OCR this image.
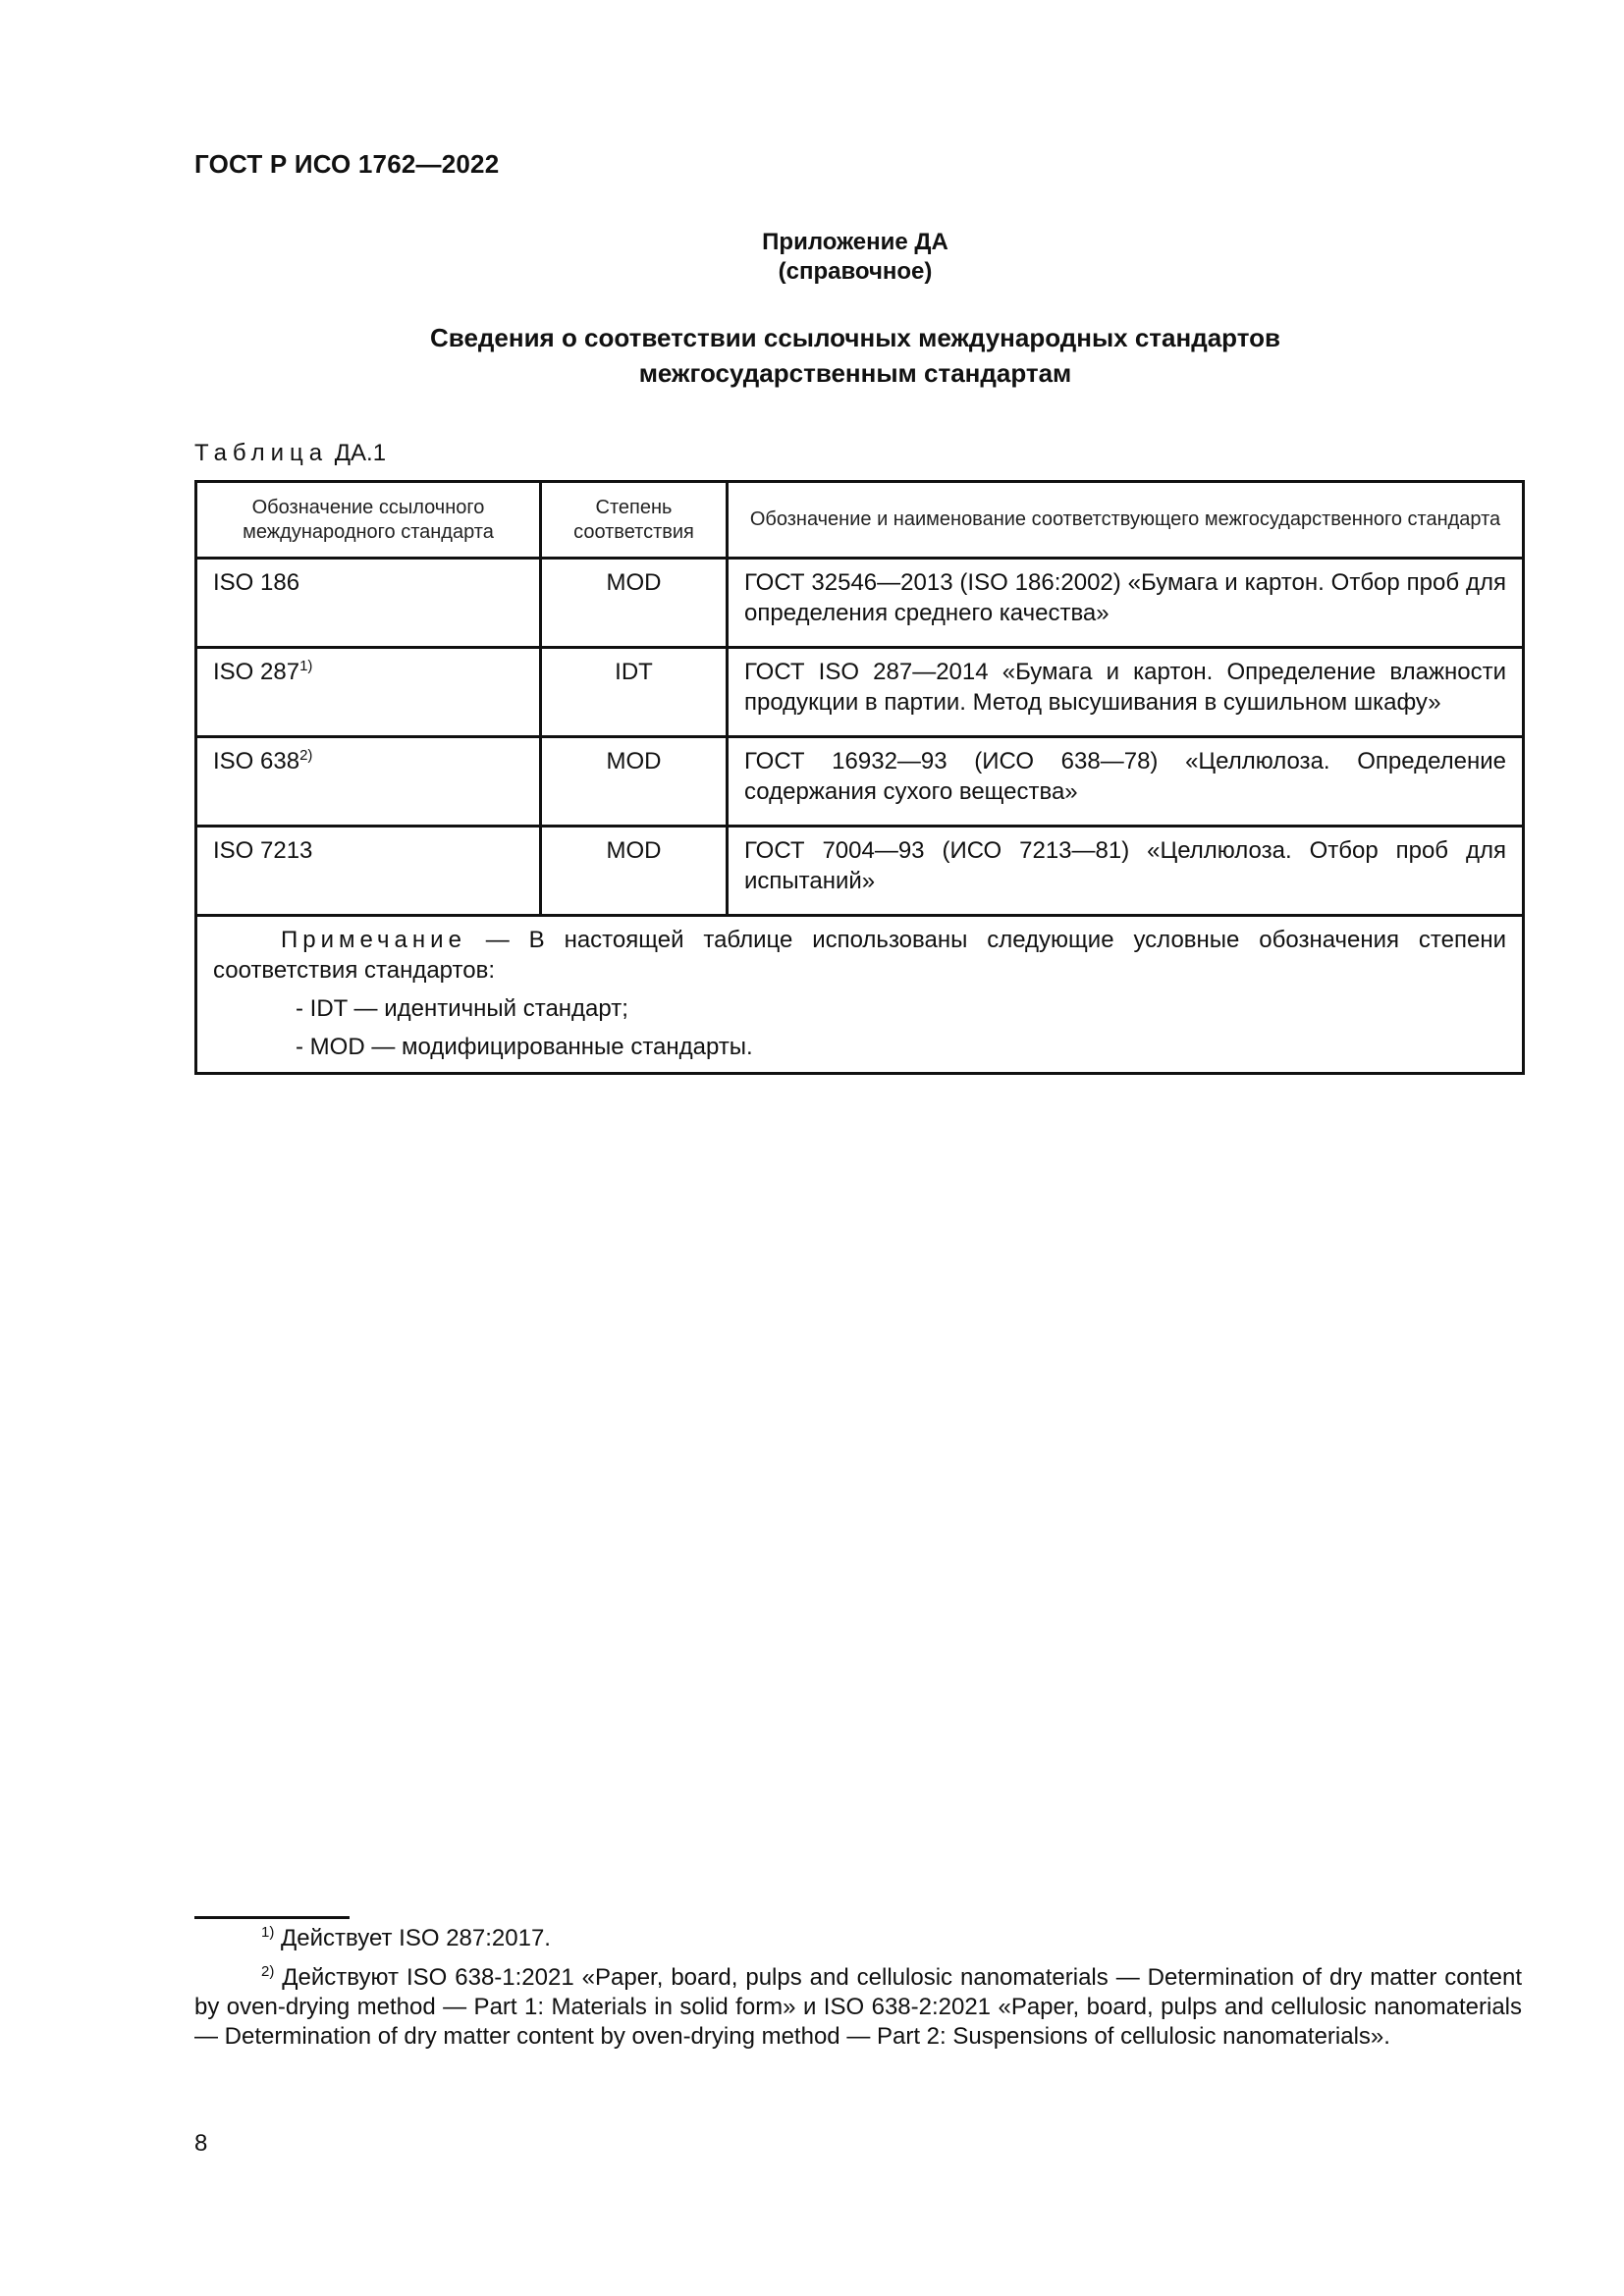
ГОСТ Р ИСО 1762—2022
Приложение ДА
(справочное)
Сведения о соответствии ссылочных международных стандартов
межгосударственным стандартам
Таблица ДА.1
Обозначение ссылочного международного стандарта	Степень соответствия	Обозначение и наименование соответствующего межгосударственного стандарта
ISO 186	MOD	ГОСТ 32546—2013 (ISO 186:2002) «Бумага и картон. Отбор проб для определения среднего качества»
ISO 287$^{1)}$	IDT	ГОСТ ISO 287—2014 «Бумага и картон. Определение влажности продукции в партии. Метод высушивания в сушильном шкафу»
ISO 638$^{2)}$	MOD	ГОСТ 16932—93 (ИСО 638—78) «Целлюлоза. Определение содержания сухого вещества»
ISO 7213	MOD	ГОСТ 7004—93 (ИСО 7213—81) «Целлюлоза. Отбор проб для испытаний»

Примечание — В настоящей таблице использованы следующие условные обозначения степени соответствия стандартов:
- IDT — идентичный стандарт;
- MOD — модифицированные стандарты.		
$^{1)}$ Действует ISO 287:2017.
$^{2)}$ Действуют ISO 638-1:2021 «Paper, board, pulps and cellulosic nanomaterials — Determination of dry matter content by oven-drying method — Part 1: Materials in solid form» и ISO 638-2:2021 «Paper, board, pulps and cellulosic nanomaterials — Determination of dry matter content by oven-drying method — Part 2: Suspensions of cellulosic nanomaterials».
8
